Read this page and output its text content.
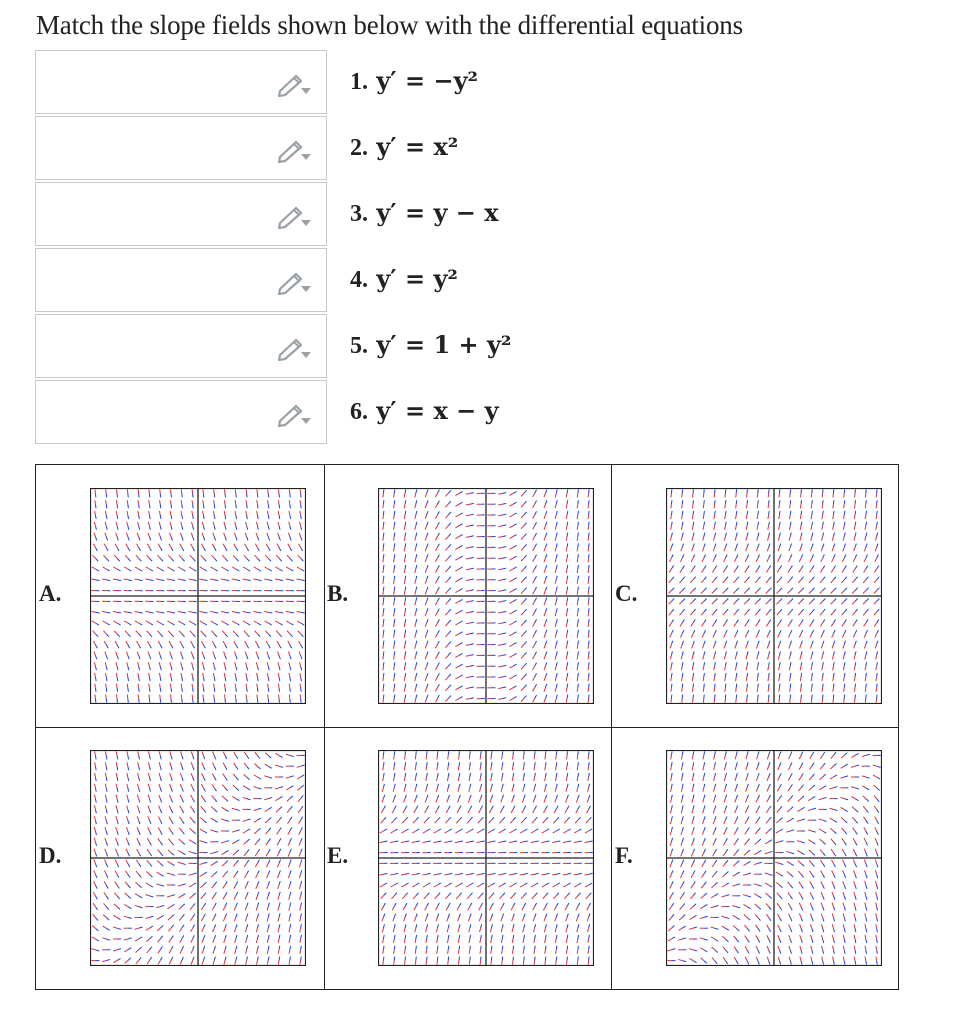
Match the slope fields shown below with the differential equations
1. y′ = −y²
2. y′ = x²
3. y′ = y − x
4. y′ = y²
5. y′ = 1 + y²
6. y′ = x − y
A.	B.	C.
D.	E.	F.
